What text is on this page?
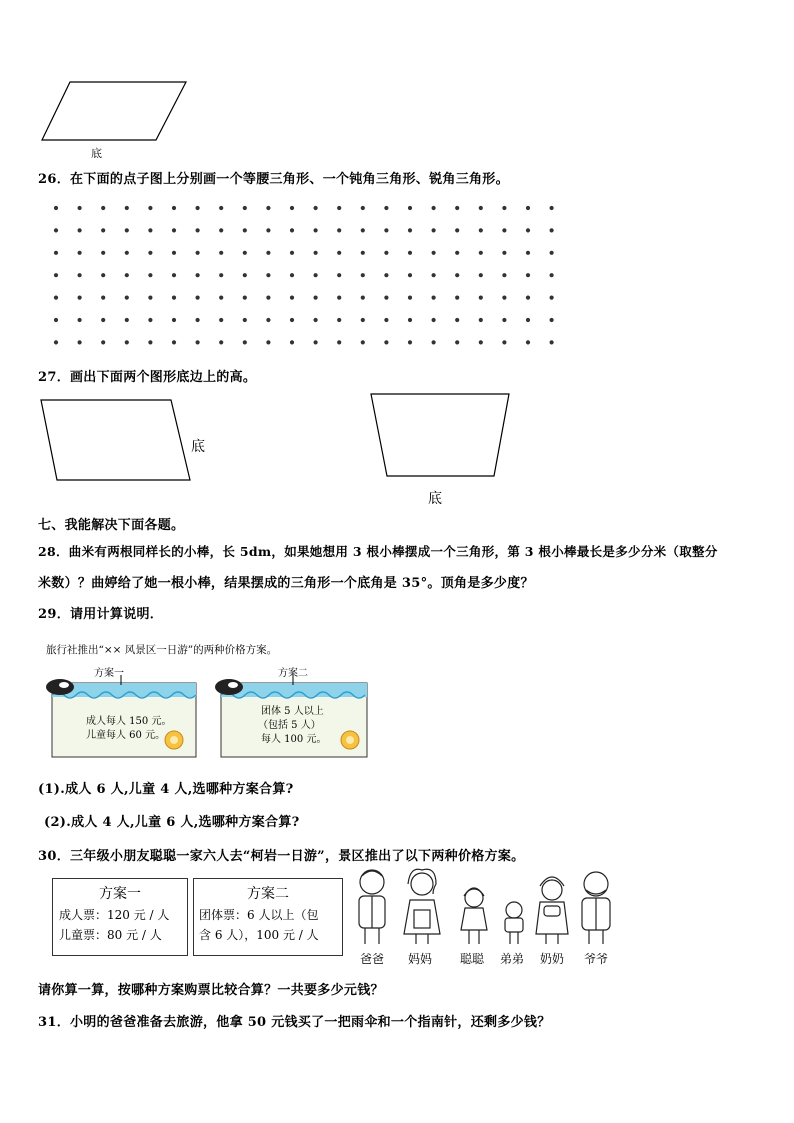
底
26．在下面的点子图上分别画一个等腰三角形、一个钝角三角形、锐角三角形。
27．画出下面两个图形底边上的高。
底
底
七、我能解决下面各题。
28．曲米有两根同样长的小棒，长 5dm，如果她想用 3 根小棒摆成一个三角形，第 3 根小棒最长是多少分米（取整分
米数）？曲婷给了她一根小棒，结果摆成的三角形一个底角是 35°。顶角是多少度？
29．请用计算说明．
旅行社推出“×× 风景区一日游”的两种价格方案。
方案一
成人每人 150 元。
儿童每人 60 元。
方案二
团体 5 人以上
（包括 5 人）
每人 100 元。
(1).成人 6 人,儿童 4 人,选哪种方案合算?
(2).成人 4 人,儿童 6 人,选哪种方案合算?
30．三年级小朋友聪聪一家六人去“柯岩一日游”，景区推出了以下两种价格方案。
方案一
成人票：120 元 / 人
儿童票：80 元 / 人
方案二
团体票：6 人以上（包
含 6 人），100 元 / 人
爸爸 妈妈 聪聪 弟弟 奶奶 爷爷
请你算一算，按哪种方案购票比较合算？一共要多少元钱？
31．小明的爸爸准备去旅游，他拿 50 元钱买了一把雨伞和一个指南针，还剩多少钱？
